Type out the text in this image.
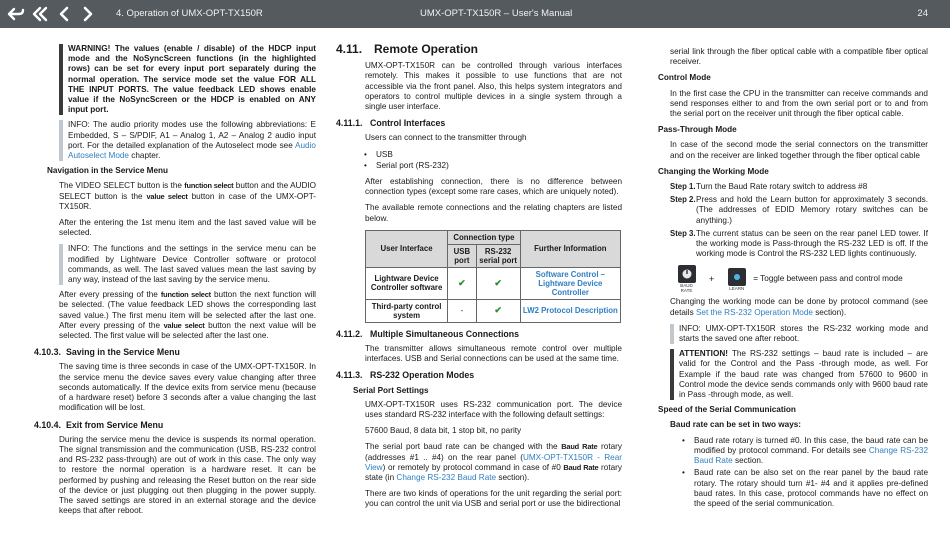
4. Operation of UMX-OPT-TX150R	UMX-OPT-TX150R – User's Manual	24
WARNING! The values (enable / disable) of the HDCP input mode and the NoSyncScreen functions (in the highlighted rows) can be set for every input port separately during the normal operation. The service mode set the value FOR ALL THE INPUT PORTS. The value feedback LED shows enable value if the NoSyncScreen or the HDCP is enabled on ANY input port.
INFO: The audio priority modes use the following abbreviations: E Embedded, S – S/PDIF, A1 – Analog 1, A2 – Analog 2 audio input port. For the detailed explanation of the Autoselect mode see Audio Autoselect Mode chapter.
Navigation in the Service Menu

The VIDEO SELECT button is the function select button and the AUDIO SELECT button is the value select button in case of the UMX-OPT-TX150R.

After the entering the 1st menu item and the last saved value will be selected.

INFO: The functions and the settings in the service menu can be modified by Lightware Device Controller software or protocol commands, as well. The last saved values mean the last saving by any way, instead of the last saving by the service menu.

After every pressing of the function select button the next function will be selected. (The value feedback LED shows the corresponding last saved value.) The first menu item will be selected after the last one. After every pressing of the value select button the next value will be selected. The first value will be selected after the last one.

4.10.3. Saving in the Service Menu

The saving time is three seconds in case of the UMX-OPT-TX150R. In the service menu the device saves every value changing after three seconds automatically. If the device exits from service menu (because of a hardware reset) before 3 seconds after a value changing the last modification will be lost.

4.10.4. Exit from Service Menu

During the service menu the device is suspends its normal operation. The signal transmission and the communication (USB, RS-232 control and RS-232 pass-through) are out of work in this case. The only way to restore the normal operation is a hardware reset. It can be performed by pushing and releasing the Reset button on the rear side of the device or just plugging out then plugging in the power supply. The saved settings are stored in an external storage and the device keeps that after reboot.

4.11. Remote Operation

UMX-OPT-TX150R can be controlled through various interfaces remotely. This makes it possible to use functions that are not accessible via the front panel. Also, this helps system integrators and operators to control multiple devices in a single system through a single user interface.

4.11.1. Control Interfaces

Users can connect to the transmitter through

• USB
• Serial port (RS-232)

After establishing connection, there is no difference between connection types (except some rare cases, which are uniquely noted).

The available remote connections and the relating chapters are listed below.

User Interface	Connection type		Further Information
	USB port	RS-232 serial port	
Lightware Device Controller software	✔	✔	Software Control – Lightware Device Controller
Third-party control system	-	✔	LW2 Protocol Description
4.11.2. Multiple Simultaneous Connections

The transmitter allows simultaneous remote control over multiple interfaces. USB and Serial connections can be used at the same time.

4.11.3. RS-232 Operation Modes
Serial Port Settings

UMX-OPT-TX150R uses RS-232 communication port. The device uses standard RS-232 interface with the following default settings:

57600 Baud, 8 data bit, 1 stop bit, no parity

The serial port baud rate can be changed with the Baud Rate rotary (addresses #1 .. #4) on the rear panel (UMX-OPT-TX150R - Rear View) or remotely by protocol command in case of #0 Baud Rate rotary state (in Change RS-232 Baud Rate section).

There are two kinds of operations for the unit regarding the serial port: you can control the unit via USB and serial port or use the bidirectional

serial link through the fiber optical cable with a compatible fiber optical receiver.

Control Mode

In the first case the CPU in the transmitter can receive commands and send responses either to and from the own serial port or to and from the serial port on the receiver unit through the fiber optical cable.

Pass-Through Mode

In case of the second mode the serial connectors on the transmitter and on the receiver are linked together through the fiber optical cable

Changing the Working Mode
Step 1. Turn the Baud Rate rotary switch to address #8
Step 2. Press and hold the Learn button for approximately 3 seconds. (The addresses of EDID Memory rotary switches can be anything.)
Step 3. The current status can be seen on the rear panel LED tower. If the working mode is Pass-through the RS-232 LED is off. If the working mode is Control the RS-232 LED lights continuously.
BAUD RATE
+
LEARN
= Toggle between pass and control mode

Changing the working mode can be done by protocol command (see details Set the RS-232 Operation Mode section).

INFO: UMX-OPT-TX150R stores the RS-232 working mode and starts the saved one after reboot.
ATTENTION! The RS-232 settings – baud rate is included – are valid for the Control and the Pass -through mode, as well. For Example if the baud rate was changed from 57600 to 9600 in Control mode the device sends commands only with 9600 baud rate in Pass -through mode, as well.
Speed of the Serial Communication
Baud rate can be set in two ways:
• Baud rate rotary is turned #0. In this case, the baud rate can be modified by protocol command. For details see Change RS-232 Baud Rate section.
• Baud rate can be also set on the rear panel by the baud rate rotary. The rotary should turn #1- #4 and it applies pre-defined baud rates. In this case, protocol commands have no effect on the speed of the serial communication.
